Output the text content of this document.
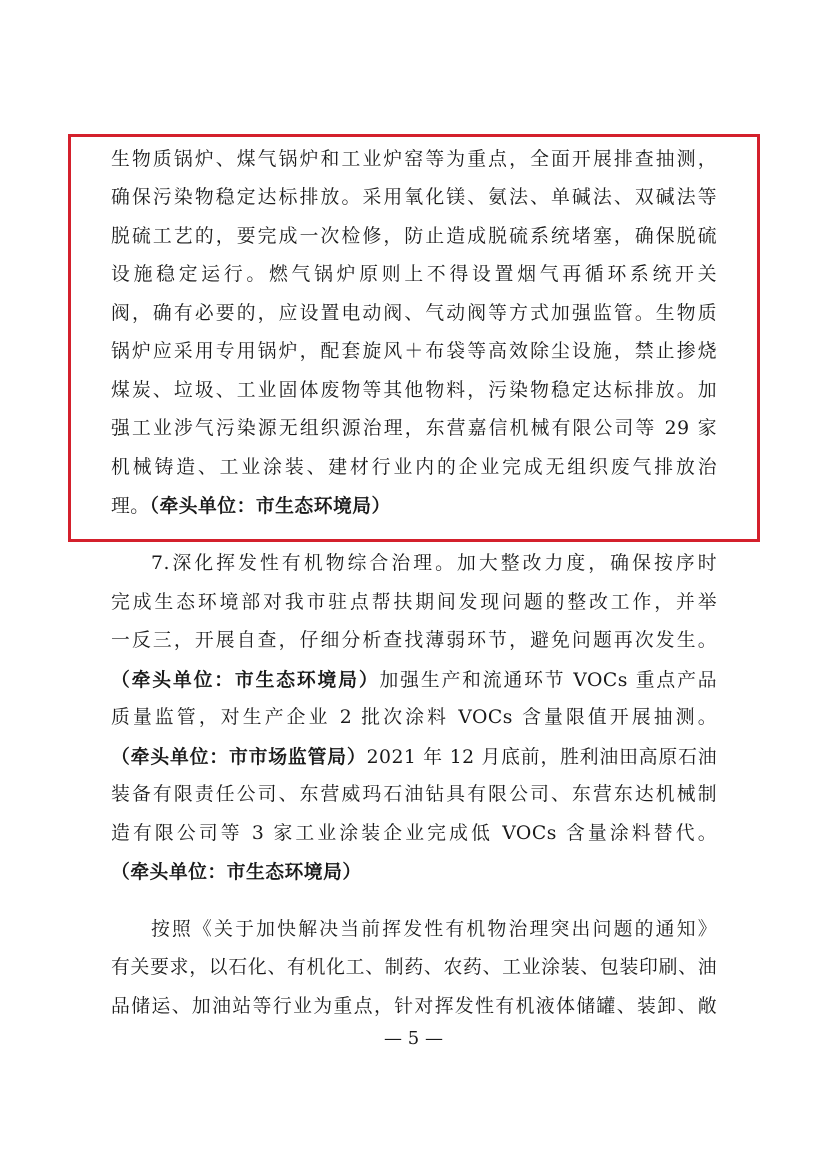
生物质锅炉、煤气锅炉和工业炉窑等为重点，全面开展排查抽测，
确保污染物稳定达标排放。采用氧化镁、氨法、单碱法、双碱法等
脱硫工艺的，要完成一次检修，防止造成脱硫系统堵塞，确保脱硫
设施稳定运行。燃气锅炉原则上不得设置烟气再循环系统开关
阀，确有必要的，应设置电动阀、气动阀等方式加强监管。生物质
锅炉应采用专用锅炉，配套旋风＋布袋等高效除尘设施，禁止掺烧
煤炭、垃圾、工业固体废物等其他物料，污染物稳定达标排放。加
强工业涉气污染源无组织源治理，东营嘉信机械有限公司等 29 家
机械铸造、工业涂装、建材行业内的企业完成无组织废气排放治
理。（牵头单位：市生态环境局）
7.深化挥发性有机物综合治理。加大整改力度，确保按序时
完成生态环境部对我市驻点帮扶期间发现问题的整改工作，并举
一反三，开展自查，仔细分析查找薄弱环节，避免问题再次发生。
（牵头单位：市生态环境局）加强生产和流通环节 VOCs 重点产品
质量监管，对生产企业 2 批次涂料 VOCs 含量限值开展抽测。
（牵头单位：市市场监管局）2021 年 12 月底前，胜利油田高原石油
装备有限责任公司、东营威玛石油钻具有限公司、东营东达机械制
造有限公司等 3 家工业涂装企业完成低 VOCs 含量涂料替代。
（牵头单位：市生态环境局）
按照《关于加快解决当前挥发性有机物治理突出问题的通知》
有关要求，以石化、有机化工、制药、农药、工业涂装、包装印刷、油
品储运、加油站等行业为重点，针对挥发性有机液体储罐、装卸、敞
— 5 —
